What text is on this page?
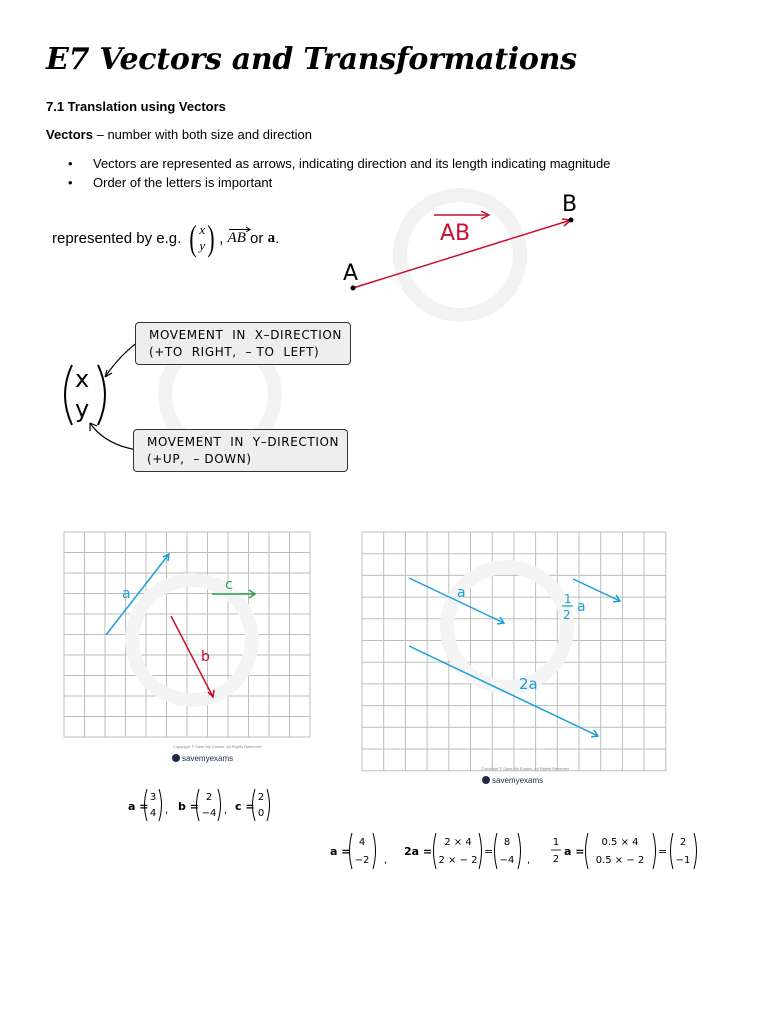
E7 Vectors and Transformations
7.1 Translation using Vectors
Vectors – number with both size and direction
• Vectors are represented as arrows, indicating direction and its length indicating magnitude
• Order of the letters is important
represented by e.g. ( x
y ) , AB
or
a .
A
B
AB
x
y
MOVEMENT  IN  X–DIRECTION
(+TO  RIGHT,  – TO  LEFT)
MOVEMENT  IN  Y–DIRECTION
(+UP,  – DOWN)
a
b
c
Copyright © Save My Exams. All Rights Reserved
savemyexams
a	1
2 a
2a
Copyright © Save My Exams. All Rights Reserved
savemyexams
a =
4
−2 ,
2a =
2 × 4
2 × − 2
=
8
−4 ,
1
2
a =
0.5 × 4
0.5 × − 2
=
2
−1
a =
3
4 , b =
2
−4 , c =
2
0
